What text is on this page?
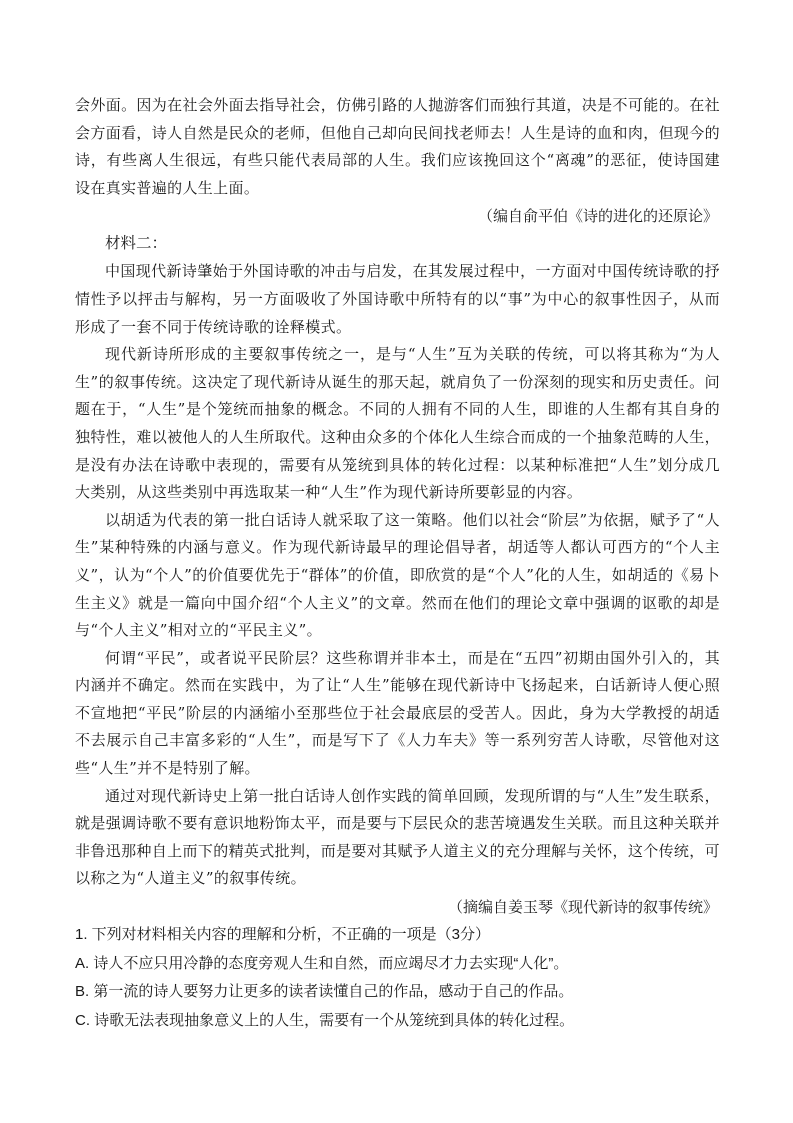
会外面。因为在社会外面去指导社会，仿佛引路的人抛游客们而独行其道，决是不可能的。在社会方面看，诗人自然是民众的老师，但他自己却向民间找老师去！人生是诗的血和肉，但现今的诗，有些离人生很远，有些只能代表局部的人生。我们应该挽回这个“离魂”的恶征，使诗国建设在真实普遍的人生上面。

（编自俞平伯《诗的进化的还原论》

材料二：

中国现代新诗肇始于外国诗歌的冲击与启发，在其发展过程中，一方面对中国传统诗歌的抒情性予以抨击与解构，另一方面吸收了外国诗歌中所特有的以“事”为中心的叙事性因子，从而形成了一套不同于传统诗歌的诠释模式。

现代新诗所形成的主要叙事传统之一，是与“人生”互为关联的传统，可以将其称为“为人生”的叙事传统。这决定了现代新诗从诞生的那天起，就肩负了一份深刻的现实和历史责任。问题在于，“人生”是个笼统而抽象的概念。不同的人拥有不同的人生，即谁的人生都有其自身的独特性，难以被他人的人生所取代。这种由众多的个体化人生综合而成的一个抽象范畴的人生，是没有办法在诗歌中表现的，需要有从笼统到具体的转化过程：以某种标准把“人生”划分成几大类别，从这些类别中再选取某一种“人生”作为现代新诗所要彰显的内容。

以胡适为代表的第一批白话诗人就采取了这一策略。他们以社会“阶层”为依据，赋予了“人生”某种特殊的内涵与意义。作为现代新诗最早的理论倡导者，胡适等人都认可西方的“个人主义”，认为“个人”的价值要优先于“群体”的价值，即欣赏的是“个人”化的人生，如胡适的《易卜生主义》就是一篇向中国介绍“个人主义”的文章。然而在他们的理论文章中强调的讴歌的却是与“个人主义”相对立的“平民主义”。

何谓“平民”，或者说平民阶层？这些称谓并非本土，而是在“五四”初期由国外引入的，其内涵并不确定。然而在实践中，为了让“人生”能够在现代新诗中飞扬起来，白话新诗人便心照不宣地把“平民”阶层的内涵缩小至那些位于社会最底层的受苦人。因此，身为大学教授的胡适不去展示自己丰富多彩的“人生”，而是写下了《人力车夫》等一系列穷苦人诗歌，尽管他对这些“人生”并不是特别了解。

通过对现代新诗史上第一批白话诗人创作实践的简单回顾，发现所谓的与“人生”发生联系，就是强调诗歌不要有意识地粉饰太平，而是要与下层民众的悲苦境遇发生关联。而且这种关联并非鲁迅那种自上而下的精英式批判，而是要对其赋予人道主义的充分理解与关怀，这个传统，可以称之为“人道主义”的叙事传统。

（摘编自姜玉琴《现代新诗的叙事传统》

1. 下列对材料相关内容的理解和分析，不正确的一项是（3分）

A. 诗人不应只用冷静的态度旁观人生和自然，而应竭尽才力去实现“人化”。

B. 第一流的诗人要努力让更多的读者读懂自己的作品，感动于自己的作品。

C. 诗歌无法表现抽象意义上的人生，需要有一个从笼统到具体的转化过程。
